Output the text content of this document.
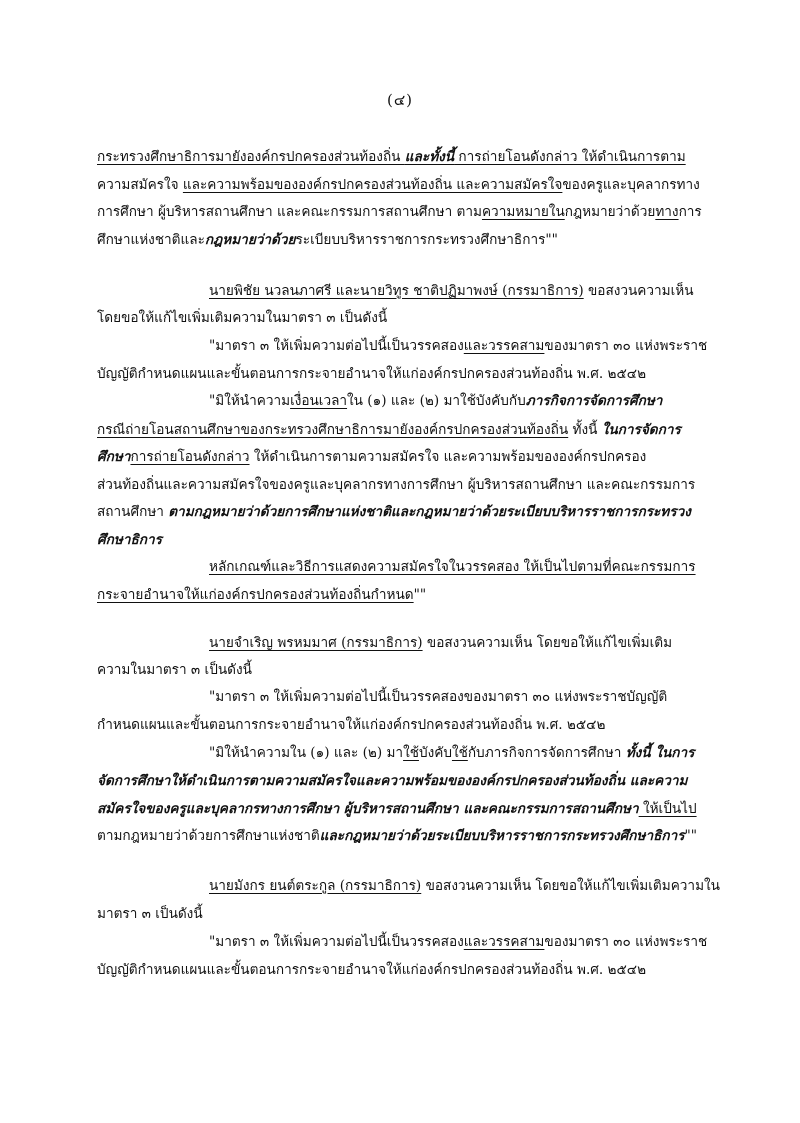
(๔)
กระทรวงศึกษาธิการมายังองค์กรปกครองส่วนท้องถิ่น และทั้งนี้ การถ่ายโอนดังกล่าว ให้ดำเนินการตาม
ความสมัครใจ และความพร้อมขององค์กรปกครองส่วนท้องถิ่น และความสมัครใจของครูและบุคลากรทาง
การศึกษา ผู้บริหารสถานศึกษา และคณะกรรมการสถานศึกษา ตามความหมายในกฎหมายว่าด้วยทางการ
ศึกษาแห่งชาติและกฎหมายว่าด้วยระเบียบบริหารราชการกระทรวงศึกษาธิการ""
นายพิชัย นวลนภาศรี และนายวิทูร ชาติปฏิมาพงษ์ (กรรมาธิการ) ขอสงวนความเห็น
โดยขอให้แก้ไขเพิ่มเติมความในมาตรา ๓ เป็นดังนี้
"มาตรา ๓ ให้เพิ่มความต่อไปนี้เป็นวรรคสองและวรรคสามของมาตรา ๓๐ แห่งพระราช
บัญญัติกำหนดแผนและขั้นตอนการกระจายอำนาจให้แก่องค์กรปกครองส่วนท้องถิ่น พ.ศ. ๒๕๔๒
"มิให้นำความเงื่อนเวลาใน (๑) และ (๒) มาใช้บังคับกับภารกิจการจัดการศึกษา
กรณีถ่ายโอนสถานศึกษาของกระทรวงศึกษาธิการมายังองค์กรปกครองส่วนท้องถิ่น ทั้งนี้ ในการจัดการ
ศึกษาการถ่ายโอนดังกล่าว ให้ดำเนินการตามความสมัครใจ และความพร้อมขององค์กรปกครอง
ส่วนท้องถิ่นและความสมัครใจของครูและบุคลากรทางการศึกษา ผู้บริหารสถานศึกษา และคณะกรรมการ
สถานศึกษา ตามกฎหมายว่าด้วยการศึกษาแห่งชาติและกฎหมายว่าด้วยระเบียบบริหารราชการกระทรวง
ศึกษาธิการ
หลักเกณฑ์และวิธีการแสดงความสมัครใจในวรรคสอง ให้เป็นไปตามที่คณะกรรมการ
กระจายอำนาจให้แก่องค์กรปกครองส่วนท้องถิ่นกำหนด""
นายจำเริญ พรหมมาศ (กรรมาธิการ) ขอสงวนความเห็น โดยขอให้แก้ไขเพิ่มเติม
ความในมาตรา ๓ เป็นดังนี้
"มาตรา ๓ ให้เพิ่มความต่อไปนี้เป็นวรรคสองของมาตรา ๓๐ แห่งพระราชบัญญัติ
กำหนดแผนและขั้นตอนการกระจายอำนาจให้แก่องค์กรปกครองส่วนท้องถิ่น พ.ศ. ๒๕๔๒
"มิให้นำความใน (๑) และ (๒) มาใช้บังคับใช้กับภารกิจการจัดการศึกษา ทั้งนี้ ในการ
จัดการศึกษาให้ดำเนินการตามความสมัครใจและความพร้อมขององค์กรปกครองส่วนท้องถิ่น และความ
สมัครใจของครูและบุคลากรทางการศึกษา ผู้บริหารสถานศึกษา และคณะกรรมการสถานศึกษา ให้เป็นไป
ตามกฎหมายว่าด้วยการศึกษาแห่งชาติและกฎหมายว่าด้วยระเบียบบริหารราชการกระทรวงศึกษาธิการ""
นายมังกร ยนต์ตระกูล (กรรมาธิการ) ขอสงวนความเห็น โดยขอให้แก้ไขเพิ่มเติมความใน
มาตรา ๓ เป็นดังนี้
"มาตรา ๓ ให้เพิ่มความต่อไปนี้เป็นวรรคสองและวรรคสามของมาตรา ๓๐ แห่งพระราช
บัญญัติกำหนดแผนและขั้นตอนการกระจายอำนาจให้แก่องค์กรปกครองส่วนท้องถิ่น พ.ศ. ๒๕๔๒
